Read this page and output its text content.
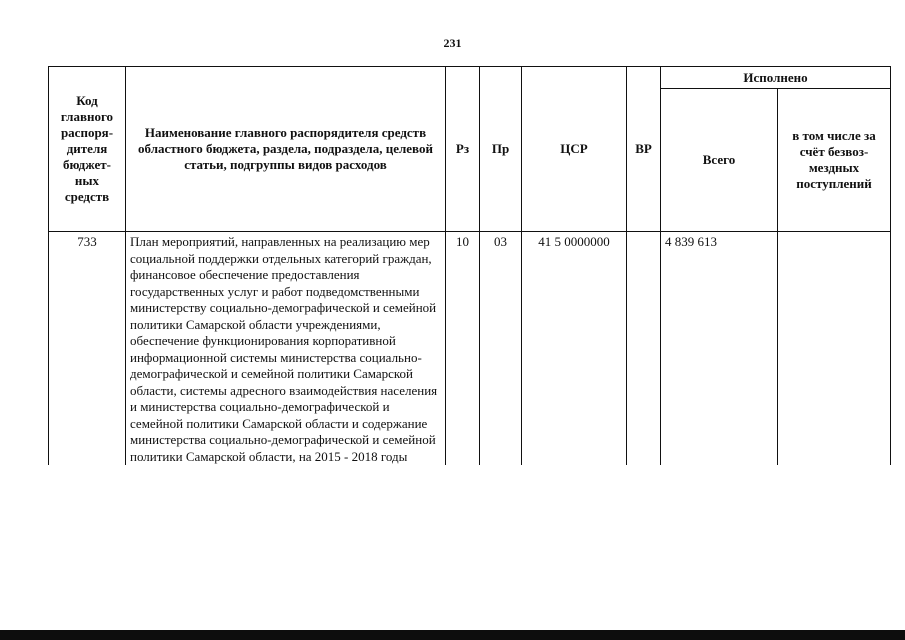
231
Код главного распоря-дителя бюджет-ных средств	Наименование главного распорядителя средств областного бюджета, раздела, подраздела, целевой статьи, подгруппы видов расходов	Рз	Пр	ЦСР	ВР	Исполнено	
						Всего	в том числе за счёт безвоз-мездных поступлений
733	План мероприятий, направленных на реализацию мер социальной поддержки отдельных категорий граждан, финансовое обеспечение предоставления государственных услуг и работ подведомственными министерству социально-демографической и семейной политики Самарской области учреждениями, обеспечение функционирования корпоративной информационной системы министерства социально-демографической и семейной политики Самарской области, системы адресного взаимодействия населения и министерства социально-демографической и семейной политики Самарской области и содержание министерства социально-демографической и семейной политики Самарской области, на 2015 - 2018 годы	10	03	41 5 0000000		4 839 613	
